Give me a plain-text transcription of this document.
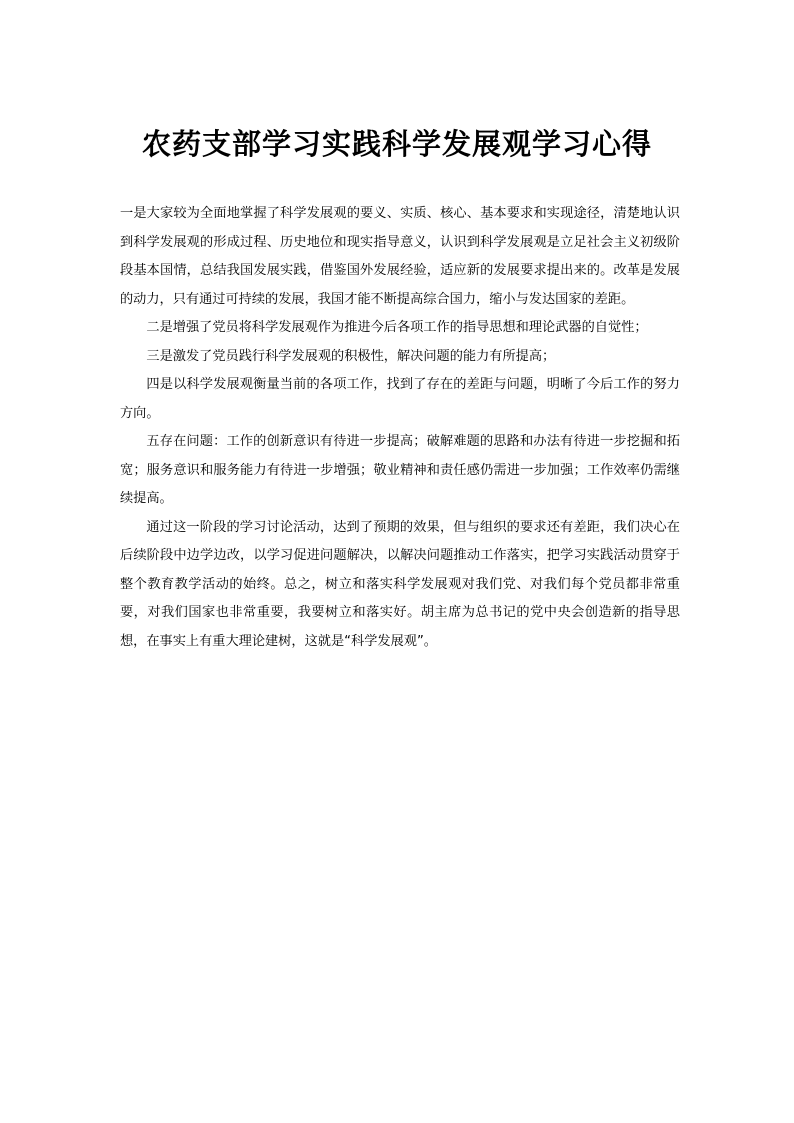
农药支部学习实践科学发展观学习心得

一是大家较为全面地掌握了科学发展观的要义、实质、核心、基本要求和实现途径，清楚地认识到科学发展观的形成过程、历史地位和现实指导意义，认识到科学发展观是立足社会主义初级阶段基本国情，总结我国发展实践，借鉴国外发展经验，适应新的发展要求提出来的。改革是发展的动力，只有通过可持续的发展，我国才能不断提高综合国力，缩小与发达国家的差距。

二是增强了党员将科学发展观作为推进今后各项工作的指导思想和理论武器的自觉性；

三是激发了党员践行科学发展观的积极性，解决问题的能力有所提高；

四是以科学发展观衡量当前的各项工作，找到了存在的差距与问题，明晰了今后工作的努力方向。

五存在问题：工作的创新意识有待进一步提高；破解难题的思路和办法有待进一步挖掘和拓宽；服务意识和服务能力有待进一步增强；敬业精神和责任感仍需进一步加强；工作效率仍需继续提高。

通过这一阶段的学习讨论活动，达到了预期的效果，但与组织的要求还有差距，我们决心在后续阶段中边学边改，以学习促进问题解决，以解决问题推动工作落实，把学习实践活动贯穿于整个教育教学活动的始终。总之，树立和落实科学发展观对我们党、对我们每个党员都非常重要，对我们国家也非常重要，我要树立和落实好。胡主席为总书记的党中央会创造新的指导思想，在事实上有重大理论建树，这就是“科学发展观”。
